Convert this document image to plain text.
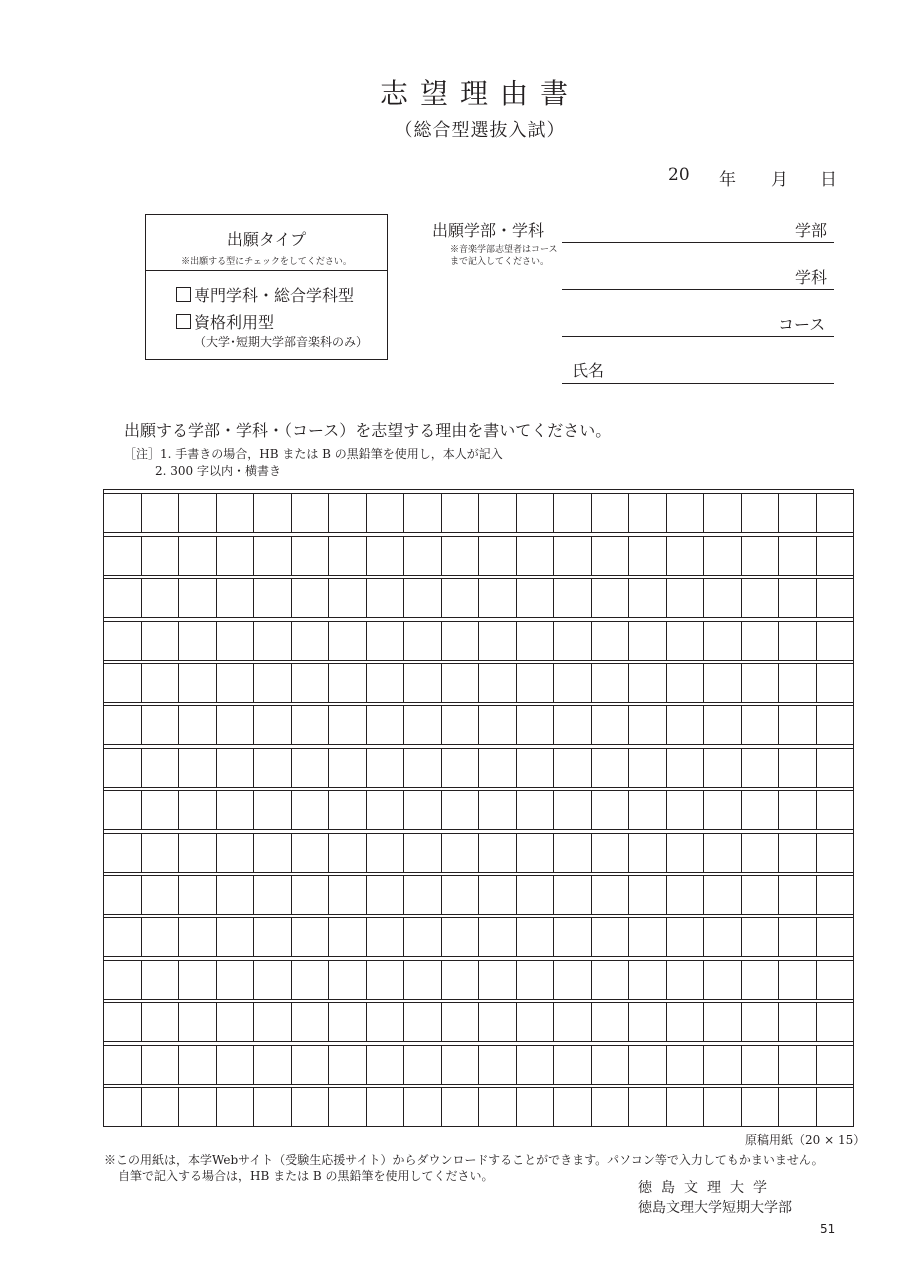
志望理由書
（総合型選抜入試）
20 年 月 日
出願タイプ
※出願する型にチェックをしてください。
専門学科・総合学科型
資格利用型
（大学･短期大学部音楽科のみ）
出願学部・学科
※音楽学部志望者はコースまで記入してください。
学部
学科
コース
氏名
出願する学部・学科・（コース）を志望する理由を書いてください。
［注］1. 手書きの場合，HB または B の黒鉛筆を使用し，本人が記入
2. 300 字以内・横書き
原稿用紙（20 × 15）
※この用紙は，本学Webサイト（受験生応援サイト）からダウンロードすることができます。パソコン等で入力してもかまいません。
自筆で記入する場合は，HB または B の黒鉛筆を使用してください。
徳島文理大学
徳島文理大学短期大学部
51
